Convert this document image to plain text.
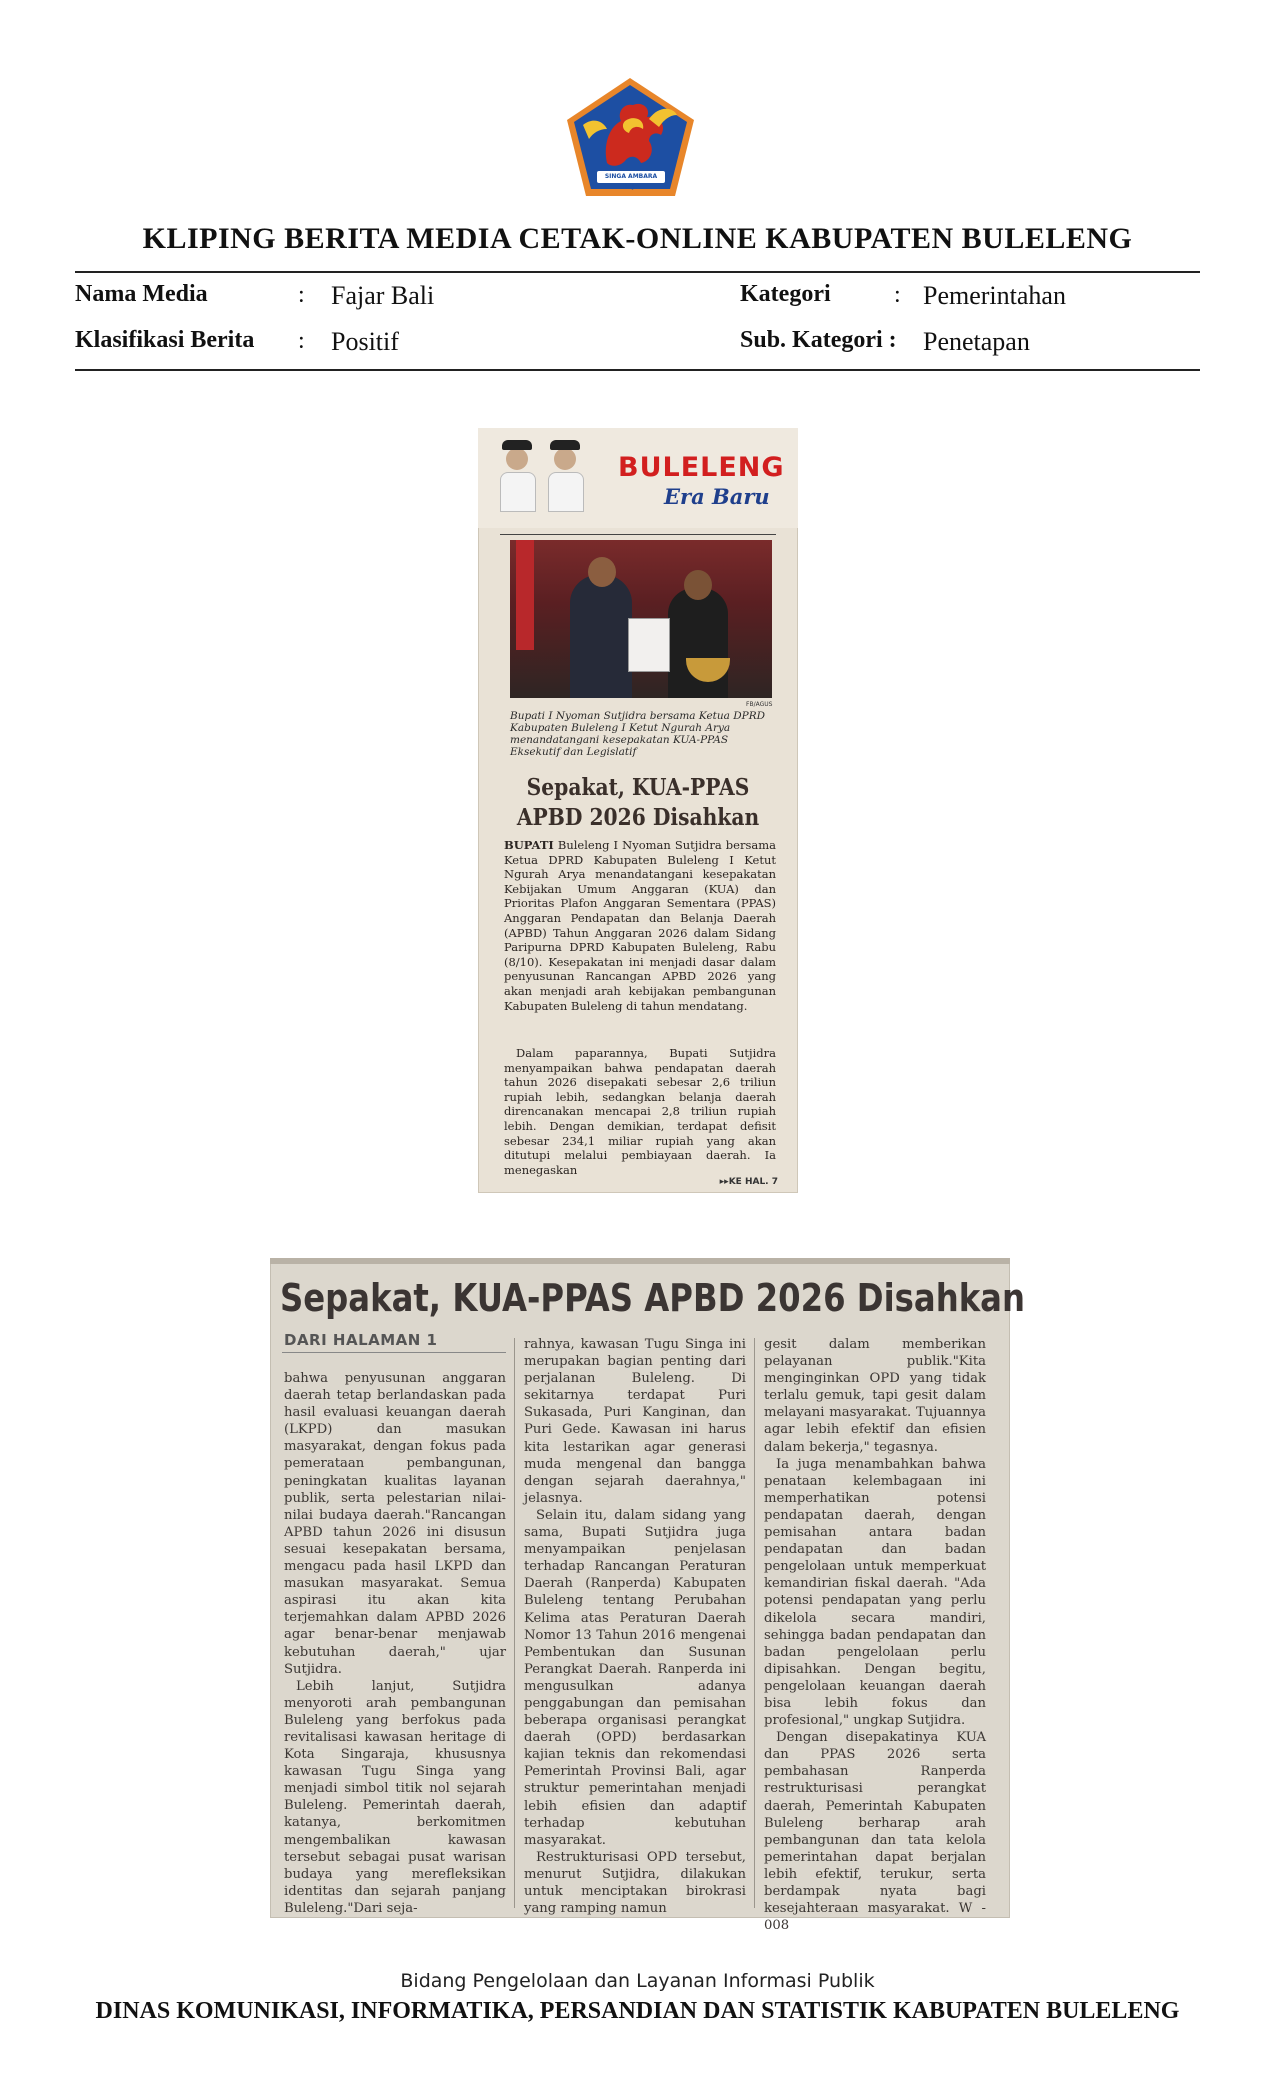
SINGA AMBARA RAJA
KLIPING BERITA MEDIA CETAK-ONLINE KABUPATEN BULELENG
Nama Media	: Fajar Bali	Kategori	: Pemerintahan
Klasifikasi Berita : Positif	Sub. Kategori : Penetapan
BULELENG
Era Baru
FB/AGUS
Bupati I Nyoman Sutjidra bersama Ketua DPRD Kabupaten Buleleng I Ketut Ngurah Arya menandatangani kesepakatan KUA-PPAS Eksekutif dan Legislatif
Sepakat, KUA-PPAS APBD 2026 Disahkan
BUPATI Buleleng I Nyoman Sutjidra bersama Ketua DPRD Kabupaten Buleleng I Ketut Ngurah Arya menandatangani kesepakatan Kebijakan Umum Anggaran (KUA) dan Prioritas Plafon Anggaran Sementara (PPAS) Anggaran Pendapatan dan Belanja Daerah (APBD) Tahun Anggaran 2026 dalam Sidang Paripurna DPRD Kabupaten Buleleng, Rabu (8/10). Kesepakatan ini menjadi dasar dalam penyusunan Rancangan APBD 2026 yang akan menjadi arah kebijakan pembangunan Kabupaten Buleleng di tahun mendatang.
Dalam paparannya, Bupati Sutjidra menyampaikan bahwa pendapatan daerah tahun 2026 disepakati sebesar 2,6 triliun rupiah lebih, sedangkan belanja daerah direncanakan mencapai 2,8 triliun rupiah lebih. Dengan demikian, terdapat defisit sebesar 234,1 miliar rupiah yang akan ditutupi melalui pembiayaan daerah. Ia menegaskan
▸▸KE HAL. 7
Sepakat, KUA-PPAS APBD 2026 Disahkan
DARI HALAMAN 1

bahwa penyusunan anggaran daerah tetap berlandaskan pada hasil evaluasi keuangan daerah (LKPD) dan masukan masyarakat, dengan fokus pada pemerataan pembangunan, peningkatan kualitas layanan publik, serta pelestarian nilai-nilai budaya daerah."Rancangan APBD tahun 2026 ini disusun sesuai kesepakatan bersama, mengacu pada hasil LKPD dan masukan masyarakat. Semua aspirasi itu akan kita terjemahkan dalam APBD 2026 agar benar-benar menjawab kebutuhan daerah," ujar Sutjidra.

Lebih lanjut, Sutjidra menyoroti arah pembangunan Buleleng yang berfokus pada revitalisasi kawasan heritage di Kota Singaraja, khususnya kawasan Tugu Singa yang menjadi simbol titik nol sejarah Buleleng. Pemerintah daerah, katanya, berkomitmen mengembalikan kawasan tersebut sebagai pusat warisan budaya yang merefleksikan identitas dan sejarah panjang Buleleng."Dari seja-

rahnya, kawasan Tugu Singa ini merupakan bagian penting dari perjalanan Buleleng. Di sekitarnya terdapat Puri Sukasada, Puri Kanginan, dan Puri Gede. Kawasan ini harus kita lestarikan agar generasi muda mengenal dan bangga dengan sejarah daerahnya," jelasnya.

Selain itu, dalam sidang yang sama, Bupati Sutjidra juga menyampaikan penjelasan terhadap Rancangan Peraturan Daerah (Ranperda) Kabupaten Buleleng tentang Perubahan Kelima atas Peraturan Daerah Nomor 13 Tahun 2016 mengenai Pembentukan dan Susunan Perangkat Daerah. Ranperda ini mengusulkan adanya penggabungan dan pemisahan beberapa organisasi perangkat daerah (OPD) berdasarkan kajian teknis dan rekomendasi Pemerintah Provinsi Bali, agar struktur pemerintahan menjadi lebih efisien dan adaptif terhadap kebutuhan masyarakat.

Restrukturisasi OPD tersebut, menurut Sutjidra, dilakukan untuk menciptakan birokrasi yang ramping namun

gesit dalam memberikan pelayanan publik."Kita menginginkan OPD yang tidak terlalu gemuk, tapi gesit dalam melayani masyarakat. Tujuannya agar lebih efektif dan efisien dalam bekerja," tegasnya.

Ia juga menambahkan bahwa penataan kelembagaan ini memperhatikan potensi pendapatan daerah, dengan pemisahan antara badan pendapatan dan badan pengelolaan untuk memperkuat kemandirian fiskal daerah. "Ada potensi pendapatan yang perlu dikelola secara mandiri, sehingga badan pendapatan dan badan pengelolaan perlu dipisahkan. Dengan begitu, pengelolaan keuangan daerah bisa lebih fokus dan profesional," ungkap Sutjidra.

Dengan disepakatinya KUA dan PPAS 2026 serta pembahasan Ranperda restrukturisasi perangkat daerah, Pemerintah Kabupaten Buleleng berharap arah pembangunan dan tata kelola pemerintahan dapat berjalan lebih efektif, terukur, serta berdampak nyata bagi kesejahteraan masyarakat. W - 008

Bidang Pengelolaan dan Layanan Informasi Publik
DINAS KOMUNIKASI, INFORMATIKA, PERSANDIAN DAN STATISTIK KABUPATEN BULELENG
